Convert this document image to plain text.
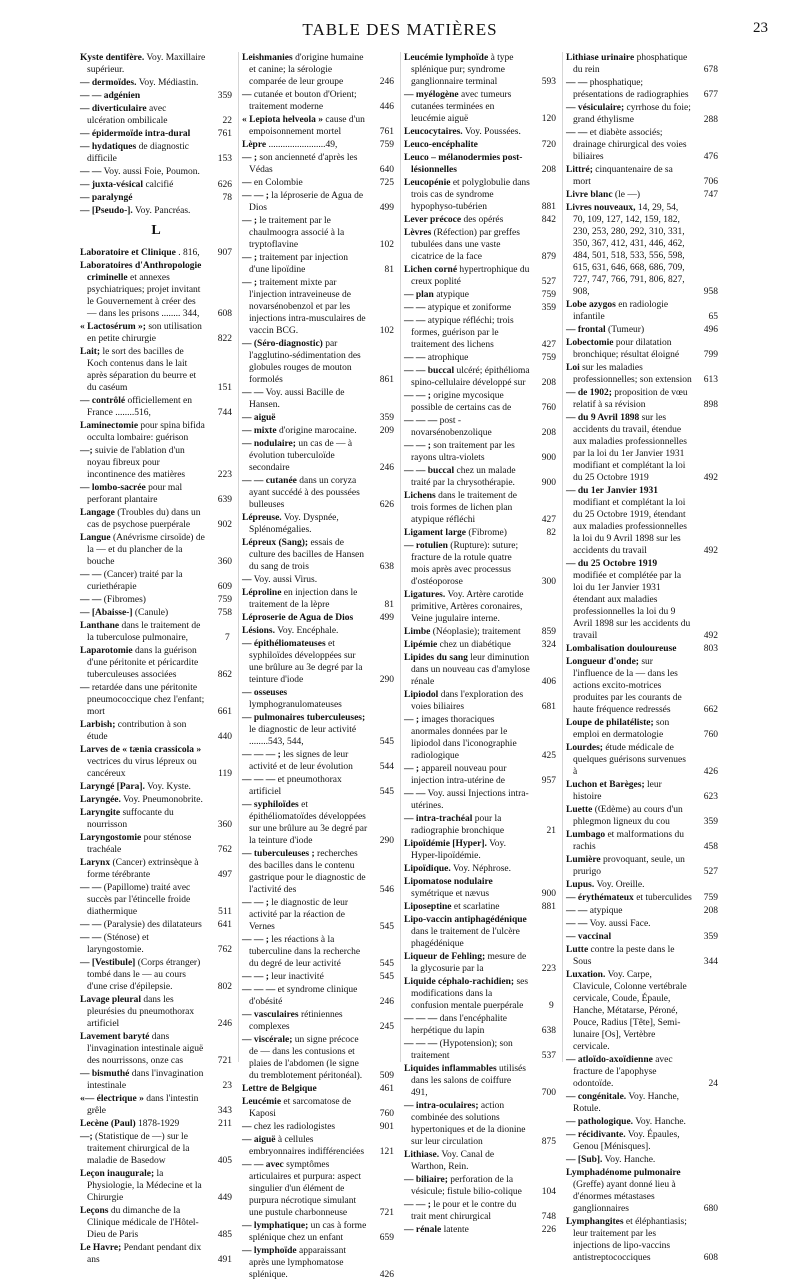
TABLE DES MATIÈRES	23
Kyste dentifère. Voy. Maxillaire supérieur.
— dermoïdes. Voy. Médiastin.
— — adgénien	359
— diverticulaire avec ulcération ombilicale	22
— épidermoïde intra-dural	761
— hydatiques de diagnostic difficile	153
— — Voy. aussi Foie, Poumon.
— juxta-vésical calcifié	626
— paralyngé	78
— [Pseudo-]. Voy. Pancréas.
L
Laboratoire et Clinique . 816, 907
Laboratoires d'Anthropologie criminelle et annexes psychiatriques; projet invitant le Gouvernement à créer des — dans les prisons ........ 344, 608
« Lactosérum »; son utilisation en petite chirurgie	822
Lait; le sort des bacilles de Koch contenus dans le lait après séparation du beurre et du caséum	151
— contrôlé officiellement en France ........516,	744
Laminectomie pour spina bifida occulta lombaire: guérison
—; suivie de l'ablation d'un noyau fibreux pour incontinence des matières	223
— lombo-sacrée pour mal perforant plantaire	639
Langage (Troubles du) dans un cas de psychose puerpérale	902
Langue (Anévrisme cirsoïde) de la — et du plancher de la bouche	360
— — (Cancer) traité par la curiethérapie	609
— — (Fibromes)	759
— [Abaisse-] (Canule)	758
Lanthane dans le traitement de la tuberculose pulmonaire,	7
Laparotomie dans la guérison d'une péritonite et péricardite tuberculeuses associées	862
— retardée dans une péritonite pneumococcique chez l'enfant; mort	661
Larbish; contribution à son étude	440
Larves de « tænia crassicola » vectrices du virus lépreux ou cancéreux	119
Laryngé [Para]. Voy. Kyste.
Laryngée. Voy. Pneumonobrite.
Laryngite suffocante du nourrisson	360
Laryngostomie pour sténose trachéale	762
Larynx (Cancer) extrinsèque à forme térébrante	497
— — (Papillome) traité avec succès par l'étincelle froide diathermique	511
— — (Paralysie) des dilatateurs 641
— — (Sténose) et laryngostomie.	762
— [Vestibule] (Corps étranger) tombé dans le — au cours d'une crise d'épilepsie.	802
Lavage pleural dans les pleurésies du pneumothorax artificiel	246
Lavement baryté dans l'invagination intestinale aiguë des nourrissons, onze cas	721
— bismuthé dans l'invagination intestinale	23
«— électrique » dans l'intestin grêle	343
Lecène (Paul) 1878-1929	211
—; (Statistique de —) sur le traitement chirurgical de la maladie de Basedow	405
Leçon inaugurale; la Physiologie, la Médecine et la Chirurgie	449
Leçons du dimanche de la Clinique médicale de l'Hôtel-Dieu de Paris	485
Le Havre; Pendant pendant dix ans	491
Leishmanies d'origine humaine et canine; la sérologie comparée de leur groupe	246
— cutanée et bouton d'Orient; traitement moderne	446
« Lepiota helveola » cause d'un empoisonnement mortel	761
Lèpre ........................49,	759
— ; son ancienneté d'après les Védas	640
— en Colombie	725
— — ; la léproserie de Agua de Dios	499
— ; le traitement par le chaulmoogra associé à la tryptoflavine	102
— ; traitement par injection d'une lipoïdine	81
— ; traitement mixte par l'injection intraveineuse de novarsénobenzol et par les injections intra-musculaires de vaccin BCG.	102
— (Séro-diagnostic) par l'agglutino-sédimentation des globules rouges de mouton formolés	861
— — Voy. aussi Bacille de Hansen.
— aiguë	359
— mixte d'origine marocaine. 209
— nodulaire; un cas de — à évolution tuberculoïde secondaire	246
— — cutanée dans un coryza ayant succédé à des poussées bulleuses	626
Lépreuse. Voy. Dyspnée, Splénomégalies.
Lépreux (Sang); essais de culture des bacilles de Hansen du sang de trois	638
— Voy. aussi Virus.
Léproline en injection dans le traitement de la lèpre	81
Léproserie de Agua de Dios	499
Lésions. Voy. Encéphale.
— épithéliomateuses et syphiloïdes développées sur une brûlure au 3e degré par la teinture d'iode	290
— osseuses lymphogranulomateuses
— pulmonaires tuberculeuses; le diagnostic de leur activité ........543, 544,	545
— — — ; les signes de leur activité et de leur évolution	544
— — — et pneumothorax artificiel	545
— syphiloïdes et épithéliomatoïdes développées sur une brûlure au 3e degré par la teinture d'iode	290
— tuberculeuses ; recherches des bacilles dans le contenu gastrique pour le diagnostic de l'activité des	546
— — ; le diagnostic de leur activité par la réaction de Vernes	545
— — ; les réactions à la tuberculine dans la recherche du degré de leur activité	545
— — ; leur inactivité	545
— — — et syndrome clinique d'obésité	246
— vasculaires rétiniennes complexes	245
— viscérale; un signe précoce de — dans les contusions et plaies de l'abdomen (le signe du tremblotement péritonéal). 509
Lettre de Belgique	461
Leucémie et sarcomatose de Kaposi	760
— chez les radiologistes	901
— aiguë à cellules embryonnaires indifférenciées 121
— — avec symptômes articulaires et purpura: aspect singulier d'un élément de purpura nécrotique simulant une pustule charbonneuse	721
— lymphatique; un cas à forme splénique chez un enfant	659
— lymphoïde apparaissant après une lymphomatose splénique.	426
Leucémie lymphoïde à type splénique pur; syndrome ganglionnaire terminal	593
— myélogène avec tumeurs cutanées terminées en leucémie aiguë	120
Leucocytaires. Voy. Poussées.
Leuco-encéphalite	720
Leuco – mélanodermies post-lésionnelles	208
Leucopénie et polyglobulie dans trois cas de syndrome hypophyso-tubérien	881
Lever précoce des opérés	842
Lèvres (Réfection) par greffes tubulées dans une vaste cicatrice de la face	879
Lichen corné hypertrophique du creux poplité	527
— plan atypique	759
— — atypique et zoniforme	359
— — atypique réfléchi; trois formes, guérison par le traitement des lichens	427
— — atrophique	759
— — buccal ulcéré; épithélioma spino-cellulaire développé sur 208
— — ; origine mycosique possible de certains cas de	760
— — — post - novarsénobenzolique	208
— — ; son traitement par les rayons ultra-violets	900
— — buccal chez un malade traité par la chrysothérapie.	900
Lichens dans le traitement de trois formes de lichen plan atypique réfléchi	427
Ligament large (Fibrome)	82
— rotulien (Rupture): suture; fracture de la rotule quatre mois après avec processus d'ostéoporose	300
Ligatures. Voy. Artère carotide primitive, Artères coronaires, Veine jugulaire interne.
Limbe (Néoplasie); traitement 859
Lipémie chez un diabétique	324
Lipides du sang leur diminution dans un nouveau cas d'amylose rénale	406
Lipiodol dans l'exploration des voies biliaires	681
— ; images thoraciques anormales données par le lipiodol dans l'iconographie radiologique	425
— ; appareil nouveau pour injection intra-utérine de	957
— — Voy. aussi Injections intra-utérines.
— intra-trachéal pour la radiographie bronchique	21
Lipoïdémie [Hyper]. Voy. Hyper-lipoïdémie.
Lipoïdique. Voy. Néphrose.
Lipomatose nodulaire symétrique et nævus	900
Liposeptine et scarlatine	881
Lipo-vaccin antiphagédénique dans le traitement de l'ulcère phagédénique
Liqueur de Fehling; mesure de la glycosurie par la	223
Liquide céphalo-rachidien; ses modifications dans la confusion mentale puerpérale	9
— — — dans l'encéphalite herpétique du lapin	638
— — — (Hypotension); son traitement	537
Liquides inflammables utilisés dans les salons de coiffure 491,	700
— intra-oculaires; action combinée des solutions hypertoniques et de la dionine sur leur circulation	875
Lithiase. Voy. Canal de Warthon, Rein.
— biliaire; perforation de la vésicule; fistule bilio-colique 104
— — ; le pour et le contre du trait ment chirurgical	748
— rénale latente	226
Lithiase urinaire phosphatique du rein	678
— — phosphatique; présentations de radiographies 677
— vésiculaire; cyrrhose du foie; grand éthylisme	288
— — et diabète associés; drainage chirurgical des voies biliaires	476
Littré; cinquantenaire de sa mort	706
Livre blanc (le —)	747
Livres nouveaux, 14, 29, 54, 70, 109, 127, 142, 159, 182, 230, 253, 280, 292, 310, 331, 350, 367, 412, 431, 446, 462, 484, 501, 518, 533, 556, 598, 615, 631, 646, 668, 686, 709, 727, 747, 766, 791, 806, 827, 908,	958
Lobe azygos en radiologie infantile	65
— frontal (Tumeur)	496
Lobectomie pour dilatation bronchique; résultat éloigné	799
Loi sur les maladies professionnelles; son extension 613
— de 1902; proposition de vœu relatif à sa révision	898
— du 9 Avril 1898 sur les accidents du travail, étendue aux maladies professionnelles par la loi du 1er Janvier 1931 modifiant et complétant la loi du 25 Octobre 1919	492
— du 1er Janvier 1931 modifiant et complétant la loi du 25 Octobre 1919, étendant aux maladies professionnelles la loi du 9 Avril 1898 sur les accidents du travail	492
— du 25 Octobre 1919 modifiée et complétée par la loi du 1er Janvier 1931 étendant aux maladies professionnelles la loi du 9 Avril 1898 sur les accidents du travail	492
Lombalisation douloureuse	803
Longueur d'onde; sur l'influence de la — dans les actions excito-motrices produites par les courants de haute fréquence redressés	662
Loupe de philatéliste; son emploi en dermatologie	760
Lourdes; étude médicale de quelques guérisons survenues à	426
Luchon et Barèges; leur histoire	623
Luette (Œdème) au cours d'un phlegmon ligneux du cou	359
Lumbago et malformations du rachis	458
Lumière provoquant, seule, un prurigo	527
Lupus. Voy. Oreille.
— érythémateux et tuberculides 759
— — atypique	208
— — Voy. aussi Face.
— vaccinal	359
Lutte contre la peste dans le Sous	344
Luxation. Voy. Carpe, Clavicule, Colonne vertébrale cervicale, Coude, Épaule, Hanche, Métatarse, Péroné, Pouce, Radius [Tête], Semi-lunaire [Os], Vertèbre cervicale.
— atloïdo-axoïdienne avec fracture de l'apophyse odontoïde.	24
— congénitale. Voy. Hanche, Rotule.
— pathologique. Voy. Hanche.
— récidivante. Voy. Épaules, Genou [Ménisques].
— [Sub]. Voy. Hanche.
Lymphadénome pulmonaire (Greffe) ayant donné lieu à d'énormes métastases ganglionnaires	680
Lymphangites et éléphantiasis; leur traitement par les injections de lipo-vaccins antistreptococciques	608
